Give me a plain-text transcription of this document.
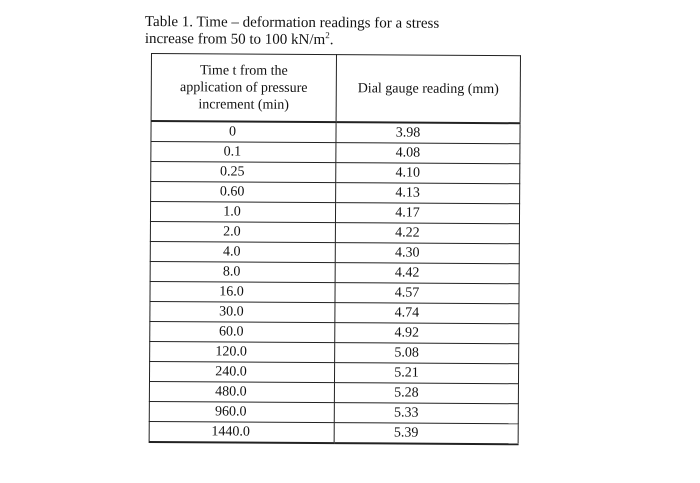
Table 1. Time – deformation readings for a stress
increase from 50 to 100 $kN/m^2$.
Time t from the
application of pressure
increment (min)	Dial gauge reading (mm)

0	3.98
0.1	4.08
0.25	4.10
0.60	4.13
1.0	4.17
2.0	4.22
4.0	4.30
8.0	4.42
16.0	4.57
30.0	4.74
60.0	4.92
120.0	5.08
240.0	5.21
480.0	5.28
960.0	5.33
1440.0	5.39
